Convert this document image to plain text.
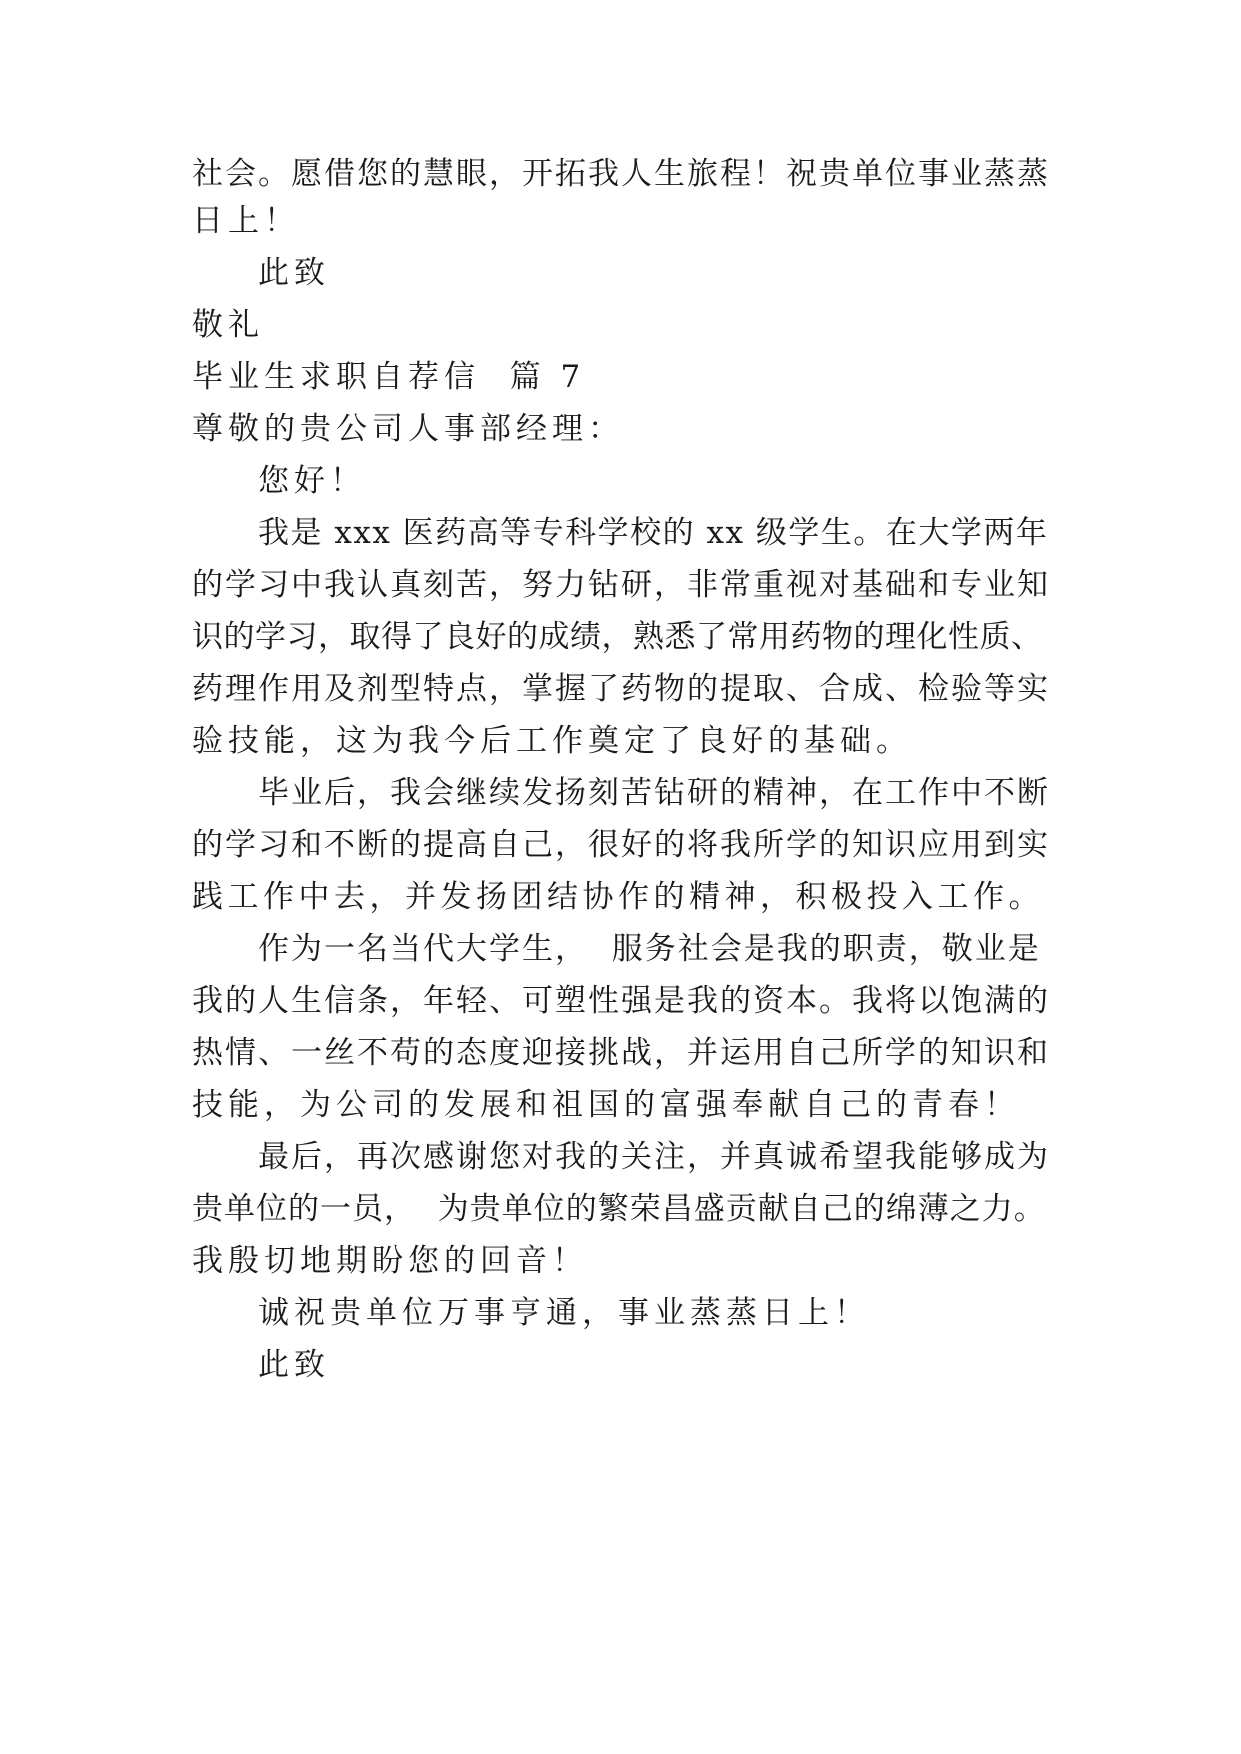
社会。愿借您的慧眼，开拓我人生旅程！祝贵单位事业蒸蒸
日上！
此致
敬礼
毕业生求职自荐信  篇 7
尊敬的贵公司人事部经理：
您好！
我是 xxx 医药高等专科学校的 xx 级学生。在大学两年
的学习中我认真刻苦，努力钻研，非常重视对基础和专业知
识的学习，取得了良好的成绩，熟悉了常用药物的理化性质、
药理作用及剂型特点，掌握了药物的提取、合成、检验等实
验技能，这为我今后工作奠定了良好的基础。
毕业后，我会继续发扬刻苦钻研的精神，在工作中不断
的学习和不断的提高自己，很好的将我所学的知识应用到实
践工作中去，并发扬团结协作的精神，积极投入工作。
作为一名当代大学生，  服务社会是我的职责，敬业是
我的人生信条，年轻、可塑性强是我的资本。我将以饱满的
热情、一丝不苟的态度迎接挑战，并运用自己所学的知识和
技能，为公司的发展和祖国的富强奉献自己的青春！
最后，再次感谢您对我的关注，并真诚希望我能够成为
贵单位的一员，  为贵单位的繁荣昌盛贡献自己的绵薄之力。
我殷切地期盼您的回音！
诚祝贵单位万事亨通，事业蒸蒸日上！
此致
